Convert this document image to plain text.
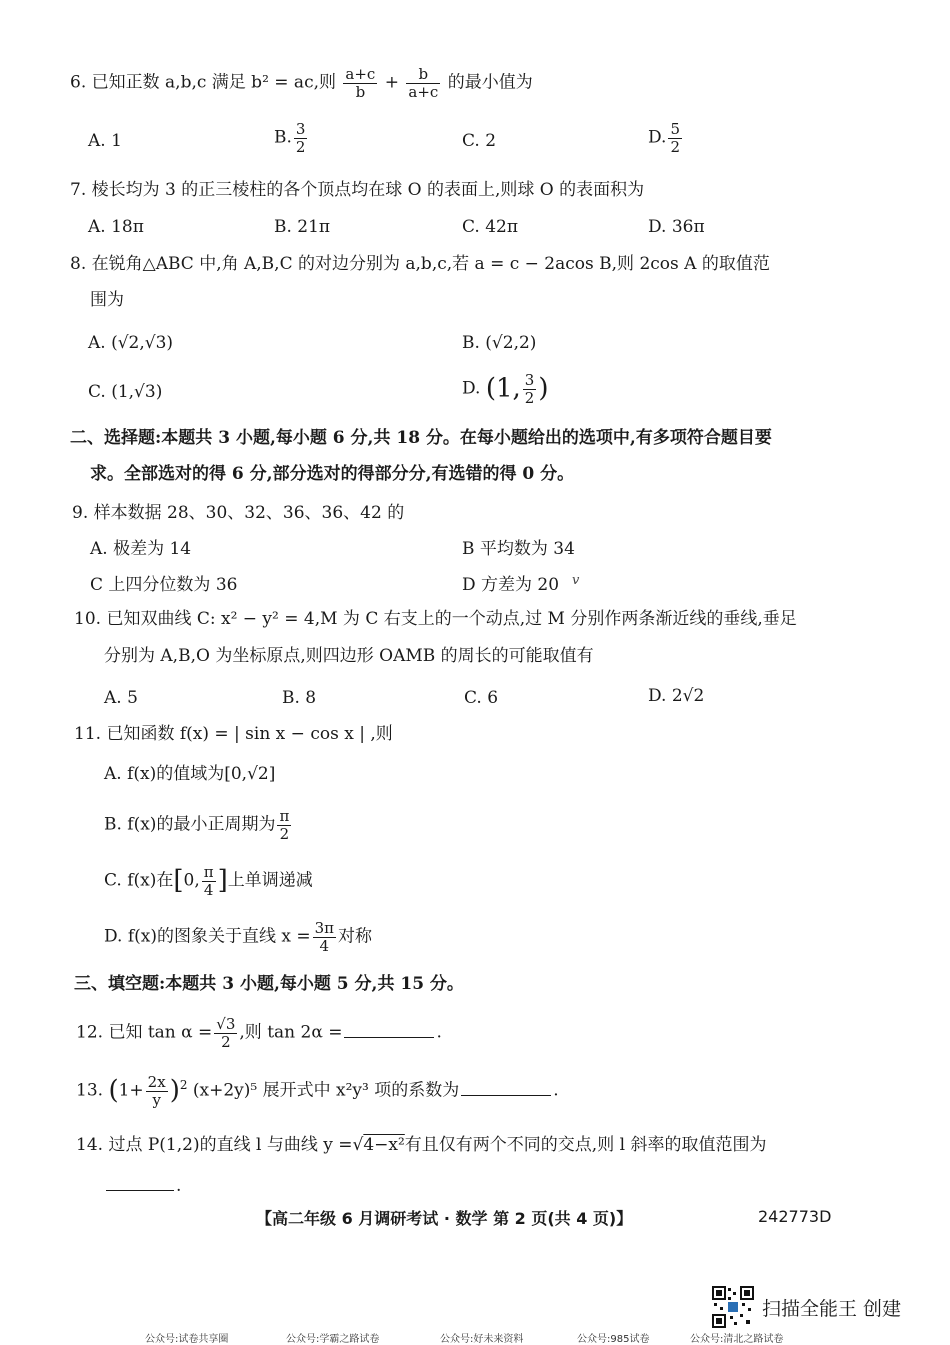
6. 已知正数 a,b,c 满足 b² = ac,则 $\frac{a+c}{b} + \frac{b}{a+c}$ 的最小值为
A. 1	B. $\frac{3}{2}$	C. 2	D. $\frac{5}{2}$
7. 棱长均为 3 的正三棱柱的各个顶点均在球 O 的表面上,则球 O 的表面积为
A. 18π	B. 21π	C. 42π	D. 36π
8. 在锐角△ABC 中,角 A,B,C 的对边分别为 a,b,c,若 a = c − 2acos B,则 2cos A 的取值范
围为
A. (√2,√3)	B. (√2,2)
C. (1,√3)	D. (1, $\frac{3}{2}$ )
二、选择题:本题共 3 小题,每小题 6 分,共 18 分。在每小题给出的选项中,有多项符合题目要
求。全部选对的得 6 分,部分选对的得部分分,有选错的得 0 分。
9. 样本数据 28、30、32、36、36、42 的
A. 极差为 14	B 平均数为 34
C 上四分位数为 36	D 方差为 20 ⅴ
10. 已知双曲线 C: x² − y² = 4,M 为 C 右支上的一个动点,过 M 分别作两条渐近线的垂线,垂足
分别为 A,B,O 为坐标原点,则四边形 OAMB 的周长的可能取值有
A. 5	B. 8	C. 6	D. 2√2
11. 已知函数 f(x) = | sin x − cos x | ,则
A. f(x)的值域为[0,√2]
B. f(x)的最小正周期为 $\frac{\pi}{2}$
C. f(x)在[0, $\frac{\pi}{4}$ ]上单调递减
D. f(x)的图象关于直线 $x = \frac{3\pi}{4}$ 对称
三、填空题:本题共 3 小题,每小题 5 分,共 15 分。
12. 已知 $\tan \alpha = \frac{√3}{2}$ ,则 tan 2α =	.
13. $(1+ \frac{2x}{y} )^2$ (x+2y)⁵ 展开式中 x²y³ 项的系数为	.
14. 过点 P(1,2)的直线 l 与曲线 y =√4−x²有且仅有两个不同的交点,则 l 斜率的取值范围为
.
【高二年级 6 月调研考试 · 数学 第 2 页(共 4 页)】	242773D
扫描全能王 创建
公众号:试卷共享圈	公众号:学霸之路试卷	公众号:好未来资料	公众号:985试卷	公众号:清北之路试卷
